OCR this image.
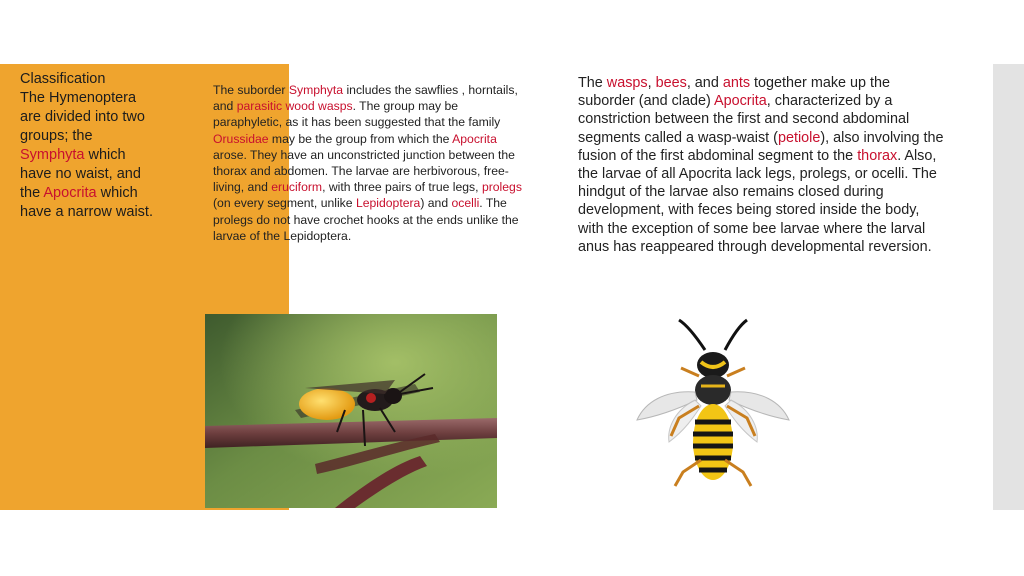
Classification
The Hymenoptera
are divided into two
groups; the
Symphyta which
have no waist, and
the Apocrita which
have a narrow waist.
The suborder Symphyta includes the sawflies , horntails, and parasitic wood wasps. The group may be paraphyletic, as it has been suggested that the family Orussidae may be the group from which the Apocrita arose. They have an unconstricted junction between the thorax and abdomen. The larvae are herbivorous, free-living, and eruciform, with three pairs of true legs, prolegs (on every segment, unlike Lepidoptera) and ocelli. The prolegs do not have crochet hooks at the ends unlike the larvae of the Lepidoptera.
The wasps, bees, and ants together make up the suborder (and clade) Apocrita, characterized by a constriction between the first and second abdominal segments called a wasp-waist (petiole), also involving the fusion of the first abdominal segment to the thorax. Also, the larvae of all Apocrita lack legs, prolegs, or ocelli. The hindgut of the larvae also remains closed during development, with feces being stored inside the body, with the exception of some bee larvae where the larval anus has reappeared through developmental reversion.
